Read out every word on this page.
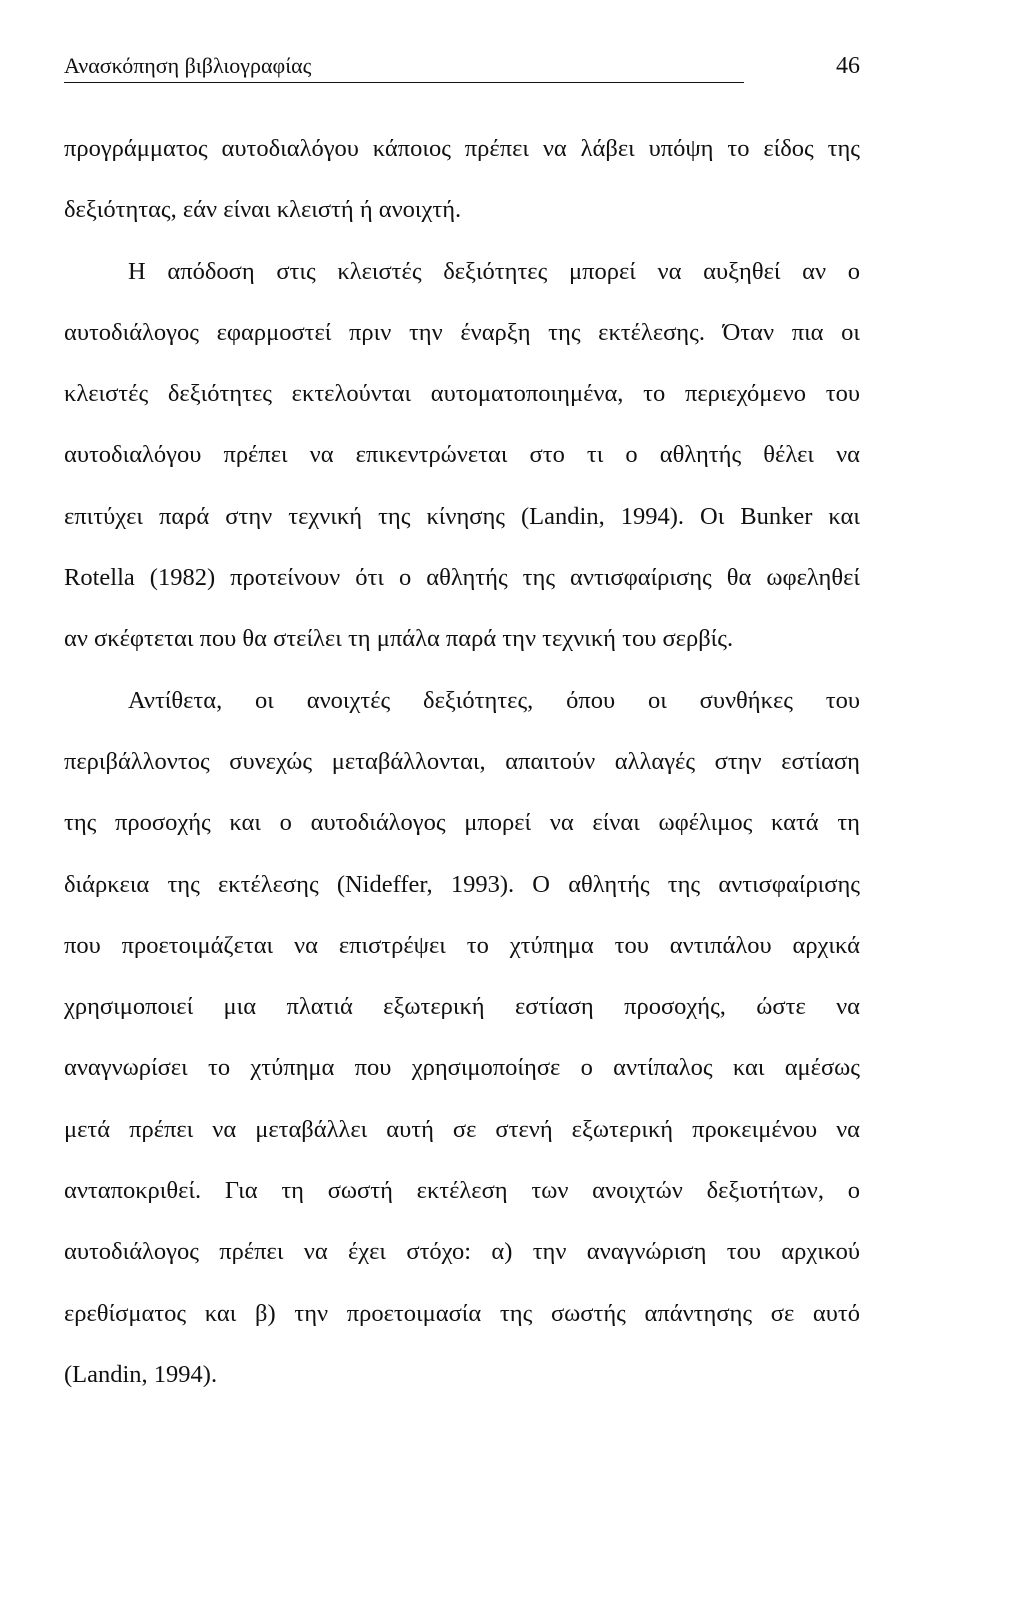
Ανασκόπηση βιβλιογραφίας	46
προγράμματος αυτοδιαλόγου κάποιος πρέπει να λάβει υπόψη το είδος της
δεξιότητας, εάν είναι κλειστή ή ανοιχτή.
Η απόδοση στις κλειστές δεξιότητες μπορεί να αυξηθεί αν ο
αυτοδιάλογος εφαρμοστεί πριν την έναρξη της εκτέλεσης. Όταν πια οι
κλειστές δεξιότητες εκτελούνται αυτοματοποιημένα, το περιεχόμενο του
αυτοδιαλόγου πρέπει να επικεντρώνεται στο τι ο αθλητής θέλει να
επιτύχει παρά στην τεχνική της κίνησης (Landin, 1994). Οι Bunker και
Rotella (1982) προτείνουν ότι ο αθλητής της αντισφαίρισης θα ωφεληθεί
αν σκέφτεται που θα στείλει τη μπάλα παρά την τεχνική του σερβίς.
Αντίθετα, οι ανοιχτές δεξιότητες, όπου οι συνθήκες του
περιβάλλοντος συνεχώς μεταβάλλονται, απαιτούν αλλαγές στην εστίαση
της προσοχής και ο αυτοδιάλογος μπορεί να είναι ωφέλιμος κατά τη
διάρκεια της εκτέλεσης (Nideffer, 1993). Ο αθλητής της αντισφαίρισης
που προετοιμάζεται να επιστρέψει το χτύπημα του αντιπάλου αρχικά
χρησιμοποιεί μια πλατιά εξωτερική εστίαση προσοχής, ώστε να
αναγνωρίσει το χτύπημα που χρησιμοποίησε ο αντίπαλος και αμέσως
μετά πρέπει να μεταβάλλει αυτή σε στενή εξωτερική προκειμένου να
ανταποκριθεί. Για τη σωστή εκτέλεση των ανοιχτών δεξιοτήτων, ο
αυτοδιάλογος πρέπει να έχει στόχο: α) την αναγνώριση του αρχικού
ερεθίσματος και β) την προετοιμασία της σωστής απάντησης σε αυτό
(Landin, 1994).
